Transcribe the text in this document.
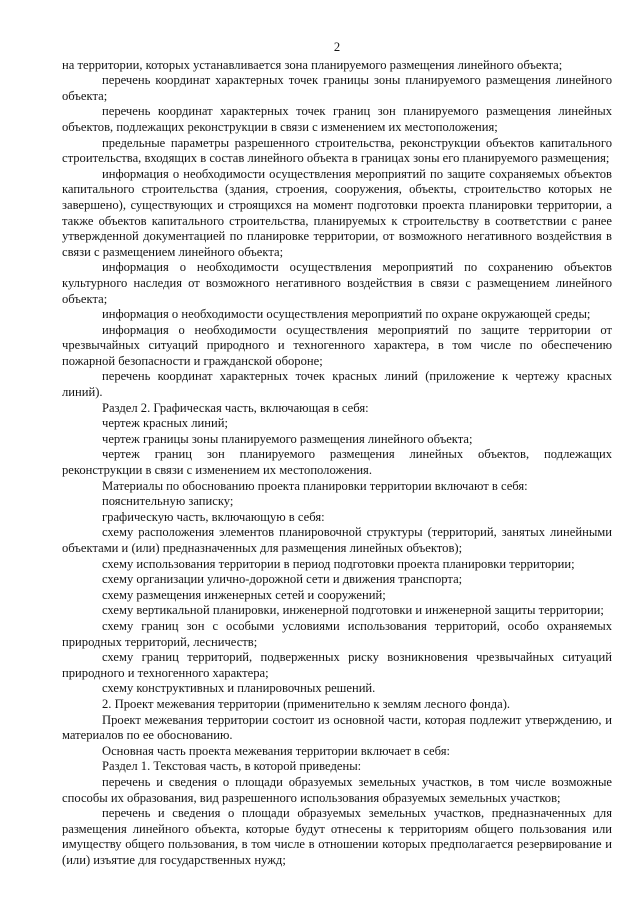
2

на территории, которых устанавливается зона планируемого размещения линейного объекта;

перечень координат характерных точек границы зоны планируемого размещения линейного объекта;

перечень координат характерных точек границ зон планируемого размещения линейных объектов, подлежащих реконструкции в связи с изменением их местоположения;

предельные параметры разрешенного строительства, реконструкции объектов капитального строительства, входящих в состав линейного объекта в границах зоны его планируемого размещения;

информация о необходимости осуществления мероприятий по защите сохраняемых объектов капитального строительства (здания, строения, сооружения, объекты, строительство которых не завершено), существующих и строящихся на момент подготовки проекта планировки территории, а также объектов капитального строительства, планируемых к строительству в соответствии с ранее утвержденной документацией по планировке территории, от возможного негативного воздействия в связи с размещением линейного объекта;

информация о необходимости осуществления мероприятий по сохранению объектов культурного наследия от возможного негативного воздействия в связи с размещением линейного объекта;

информация о необходимости осуществления мероприятий по охране окружающей среды;

информация о необходимости осуществления мероприятий по защите территории от чрезвычайных ситуаций природного и техногенного характера, в том числе по обеспечению пожарной безопасности и гражданской обороне;

перечень координат характерных точек красных линий (приложение к чертежу красных линий).

Раздел 2. Графическая часть, включающая в себя:

чертеж красных линий;

чертеж границы зоны планируемого размещения линейного объекта;

чертеж границ зон планируемого размещения линейных объектов, подлежащих реконструкции в связи с изменением их местоположения.

Материалы по обоснованию проекта планировки территории включают в себя:

пояснительную записку;

графическую часть, включающую в себя:

схему расположения элементов планировочной структуры (территорий, занятых линейными объектами и (или) предназначенных для размещения линейных объектов);

схему использования территории в период подготовки проекта планировки территории;

схему организации улично-дорожной сети и движения транспорта;

схему размещения инженерных сетей и сооружений;

схему вертикальной планировки, инженерной подготовки и инженерной защиты территории;

схему границ зон с особыми условиями использования территорий, особо охраняемых природных территорий, лесничеств;

схему границ территорий, подверженных риску возникновения чрезвычайных ситуаций природного и техногенного характера;

схему конструктивных и планировочных решений.

2. Проект межевания территории (применительно к землям лесного фонда).

Проект межевания территории состоит из основной части, которая подлежит утверждению, и материалов по ее обоснованию.

Основная часть проекта межевания территории включает в себя:

Раздел 1. Текстовая часть, в которой приведены:

перечень и сведения о площади образуемых земельных участков, в том числе возможные способы их образования, вид разрешенного использования образуемых земельных участков;

перечень и сведения о площади образуемых земельных участков, предназначенных для размещения линейного объекта, которые будут отнесены к территориям общего пользования или имуществу общего пользования, в том числе в отношении которых предполагается резервирование и (или) изъятие для государственных нужд;
